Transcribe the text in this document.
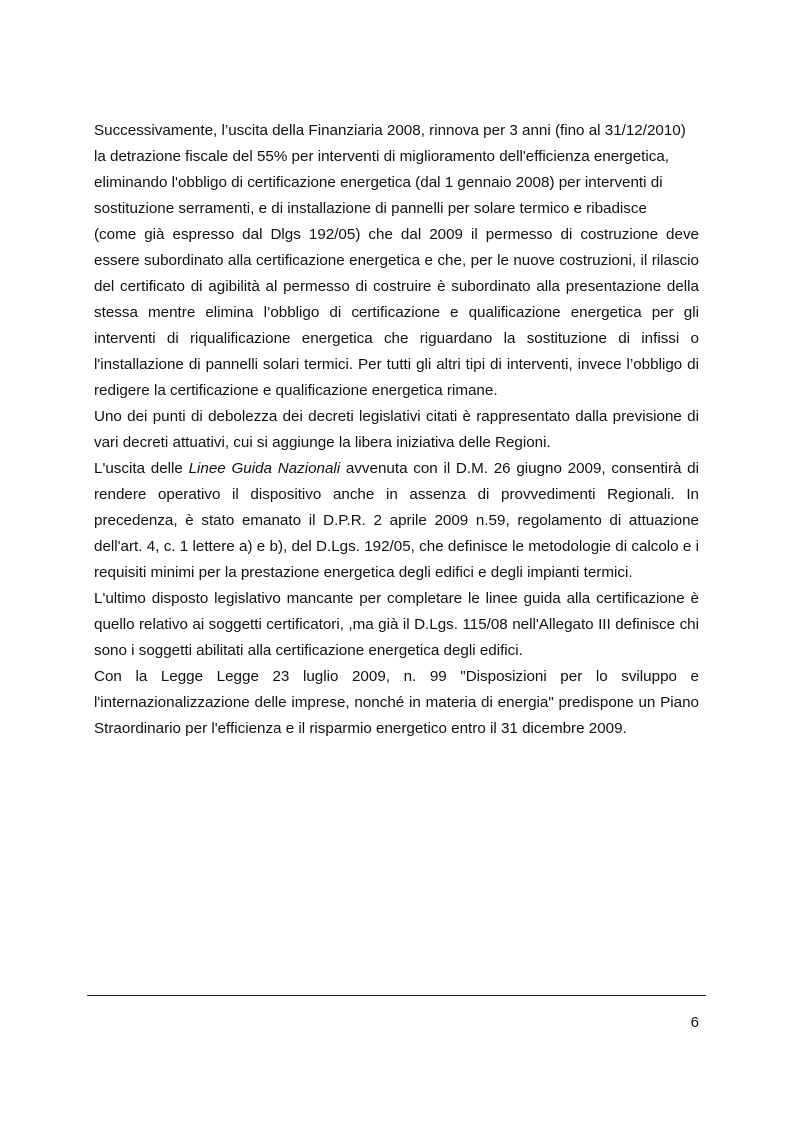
Successivamente, l’uscita della Finanziaria 2008, rinnova per 3 anni (fino al 31/12/2010) la detrazione fiscale del 55% per interventi di miglioramento dell'efficienza energetica, eliminando l'obbligo di certificazione energetica (dal 1 gennaio 2008) per interventi di sostituzione serramenti, e di installazione di pannelli per solare termico e ribadisce

(come già espresso dal Dlgs 192/05) che dal 2009 il permesso di costruzione deve essere subordinato alla certificazione energetica e che, per le nuove costruzioni, il rilascio del certificato di agibilità al permesso di costruire è subordinato alla presentazione della stessa mentre elimina l’obbligo di certificazione e qualificazione energetica per gli interventi di riqualificazione energetica che riguardano la sostituzione di infissi o l'installazione di pannelli solari termici. Per tutti gli altri tipi di interventi, invece l’obbligo di redigere la certificazione e qualificazione energetica rimane.

Uno dei punti di debolezza dei decreti legislativi citati è rappresentato dalla previsione di vari decreti attuativi, cui si aggiunge la libera iniziativa delle Regioni.

L'uscita delle Linee Guida Nazionali avvenuta con il D.M. 26 giugno 2009, consentirà di rendere operativo il dispositivo anche in assenza di provvedimenti Regionali. In precedenza, è stato emanato il D.P.R. 2 aprile 2009 n.59, regolamento di attuazione dell'art. 4, c. 1 lettere a) e b), del D.Lgs. 192/05, che definisce le metodologie di calcolo e i requisiti minimi per la prestazione energetica degli edifici e degli impianti termici.

L'ultimo disposto legislativo mancante per completare le linee guida alla certificazione è quello relativo ai soggetti certificatori, ,ma già il D.Lgs. 115/08 nell'Allegato III definisce chi sono i soggetti abilitati alla certificazione energetica degli edifici.

Con la Legge Legge 23 luglio 2009, n. 99 "Disposizioni per lo sviluppo e l'internazionalizzazione delle imprese, nonché in materia di energia" predispone un Piano Straordinario per l'efficienza e il risparmio energetico entro il 31 dicembre 2009.

6
